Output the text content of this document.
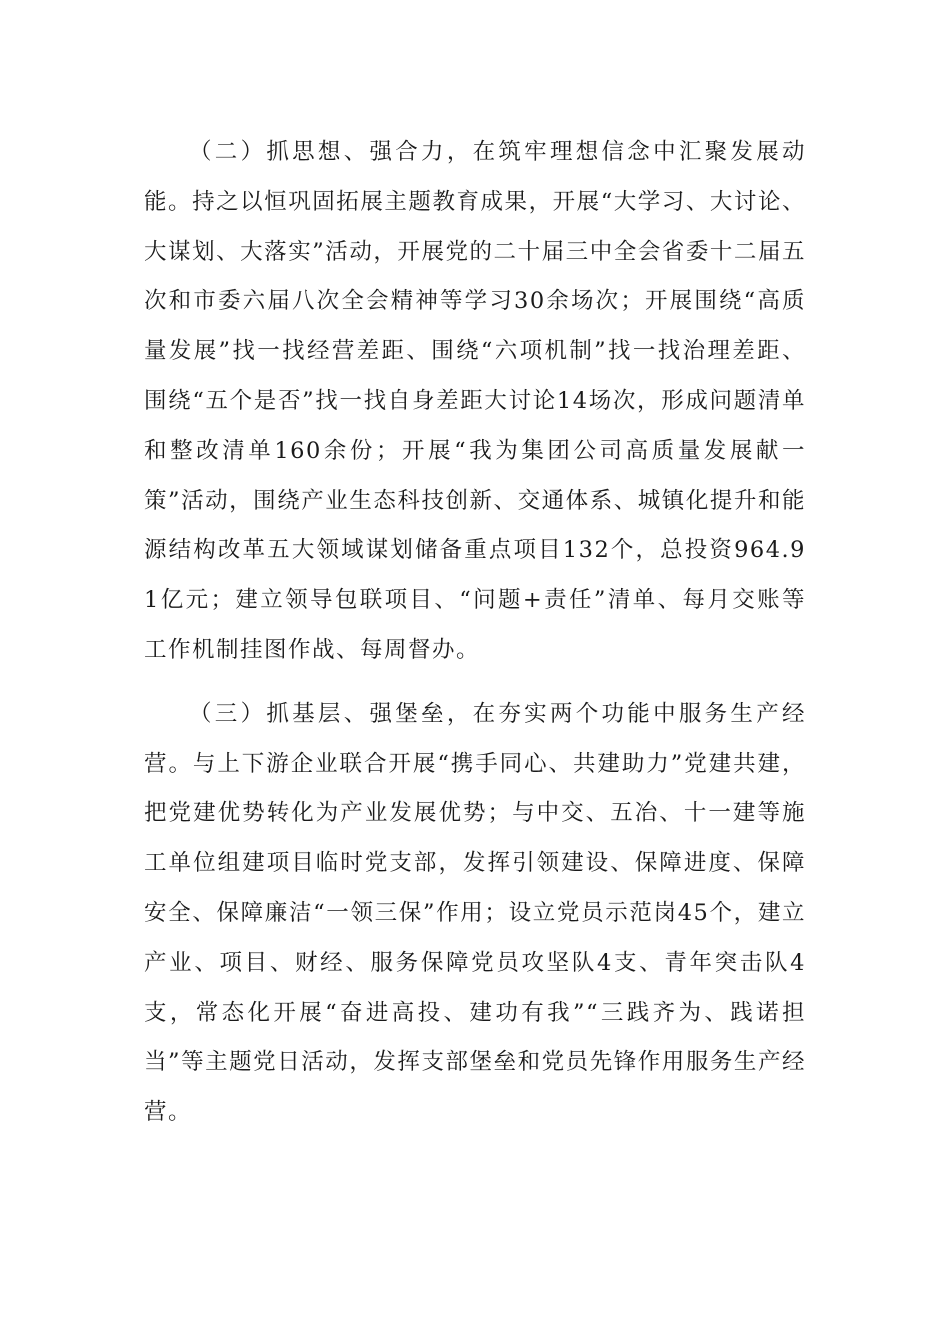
（二）抓思想、强合力，在筑牢理想信念中汇聚发展动能。持之以恒巩固拓展主题教育成果，开展“大学习、大讨论、大谋划、大落实”活动，开展党的二十届三中全会省委十二届五次和市委六届八次全会精神等学习30余场次；开展围绕“高质量发展”找一找经营差距、围绕“六项机制”找一找治理差距、围绕“五个是否”找一找自身差距大讨论14场次，形成问题清单和整改清单160余份；开展“我为集团公司高质量发展献一策”活动，围绕产业生态科技创新、交通体系、城镇化提升和能源结构改革五大领域谋划储备重点项目132个，总投资964.91亿元；建立领导包联项目、“问题+责任”清单、每月交账等工作机制挂图作战、每周督办。

（三）抓基层、强堡垒，在夯实两个功能中服务生产经营。与上下游企业联合开展“携手同心、共建助力”党建共建，把党建优势转化为产业发展优势；与中交、五冶、十一建等施工单位组建项目临时党支部，发挥引领建设、保障进度、保障安全、保障廉洁“一领三保”作用；设立党员示范岗45个，建立产业、项目、财经、服务保障党员攻坚队4支、青年突击队4支，常态化开展“奋进高投、建功有我”“三践齐为、践诺担当”等主题党日活动，发挥支部堡垒和党员先锋作用服务生产经营。
